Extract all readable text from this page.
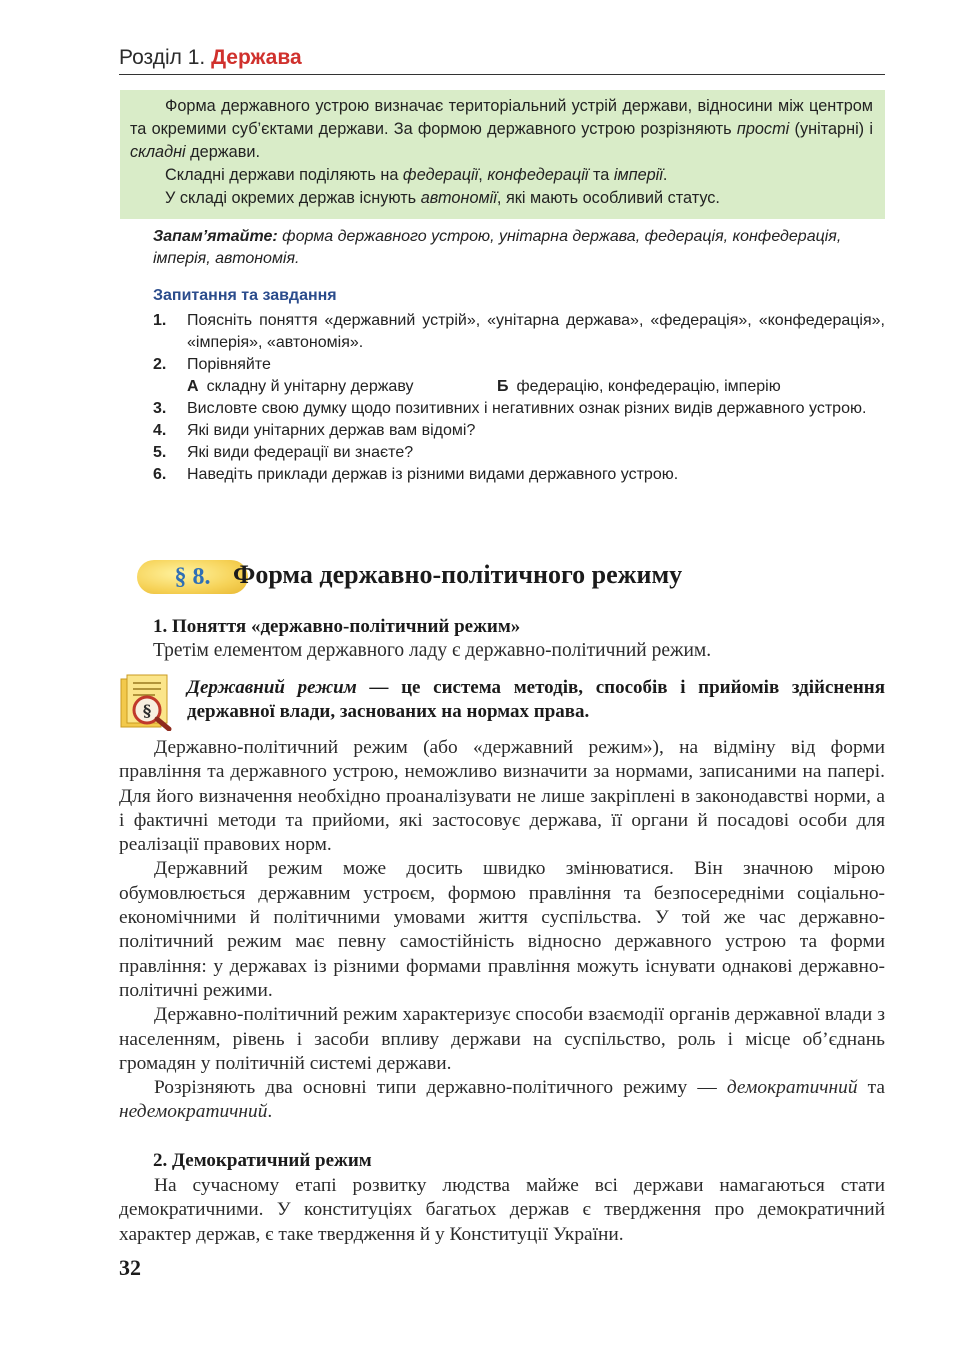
Розділ 1. Держава

Форма державного устрою визначає територіальний устрій держави, відносини між центром та окремими суб’єктами держави. За формою державного устрою розрізняють прості (унітарні) і складні держави.

Складні держави поділяють на федерації, конфедерації та імперії.

У складі окремих держав існують автономії, які мають особливий статус.

Запам’ятайте: форма державного устрою, унітарна держава, федерація, конфедерація, імперія, автономія.
Запитання та завдання
1.	Поясніть поняття «державний устрій», «унітарна держава», «федерація», «конфедерація», «імперія», «автономія».
2.	Порівняйте
А складну й унітарну державу	Б федерацію, конфедерацію, імперію
3.	Висловте свою думку щодо позитивних і негативних ознак різних видів державного устрою.
4.	Які види унітарних держав вам відомі?
5.	Які види федерації ви знаєте?
6.	Наведіть приклади держав із різними видами державного устрою.
§ 8. Форма державно-політичного режиму
1. Поняття «державно-політичний режим»
Третім елементом державного ладу є державно-політичний режим.
§
Державний режим — це система методів, способів і прийомів здійснення державної влади, заснованих на нормах права.

Державно-політичний режим (або «державний режим»), на відміну від форми правління та державного устрою, неможливо визначити за нормами, записаними на папері. Для його визначення необхідно проаналізувати не лише закріплені в законодавстві норми, а і фактичні методи та прийоми, які застосовує держава, її органи й посадові особи для реалізації правових норм.

Державний режим може досить швидко змінюватися. Він значною мірою обумовлюється державним устроєм, формою правління та безпосередніми соціально-економічними й політичними умовами життя суспільства. У той же час державно-політичний режим має певну самостійність відносно державного устрою та форми правління: у державах із різними формами правління можуть існувати однакові державно-політичні режими.

Державно-політичний режим характеризує способи взаємодії органів державної влади з населенням, рівень і засоби впливу держави на суспільство, роль і місце об’єднань громадян у політичній системі держави.

Розрізняють два основні типи державно-політичного режиму — демократичний та недемократичний.

2. Демократичний режим

На сучасному етапі розвитку людства майже всі держави намагаються стати демократичними. У конституціях багатьох держав є твердження про демократичний характер держав, є таке твердження й у Конституції України.

32
